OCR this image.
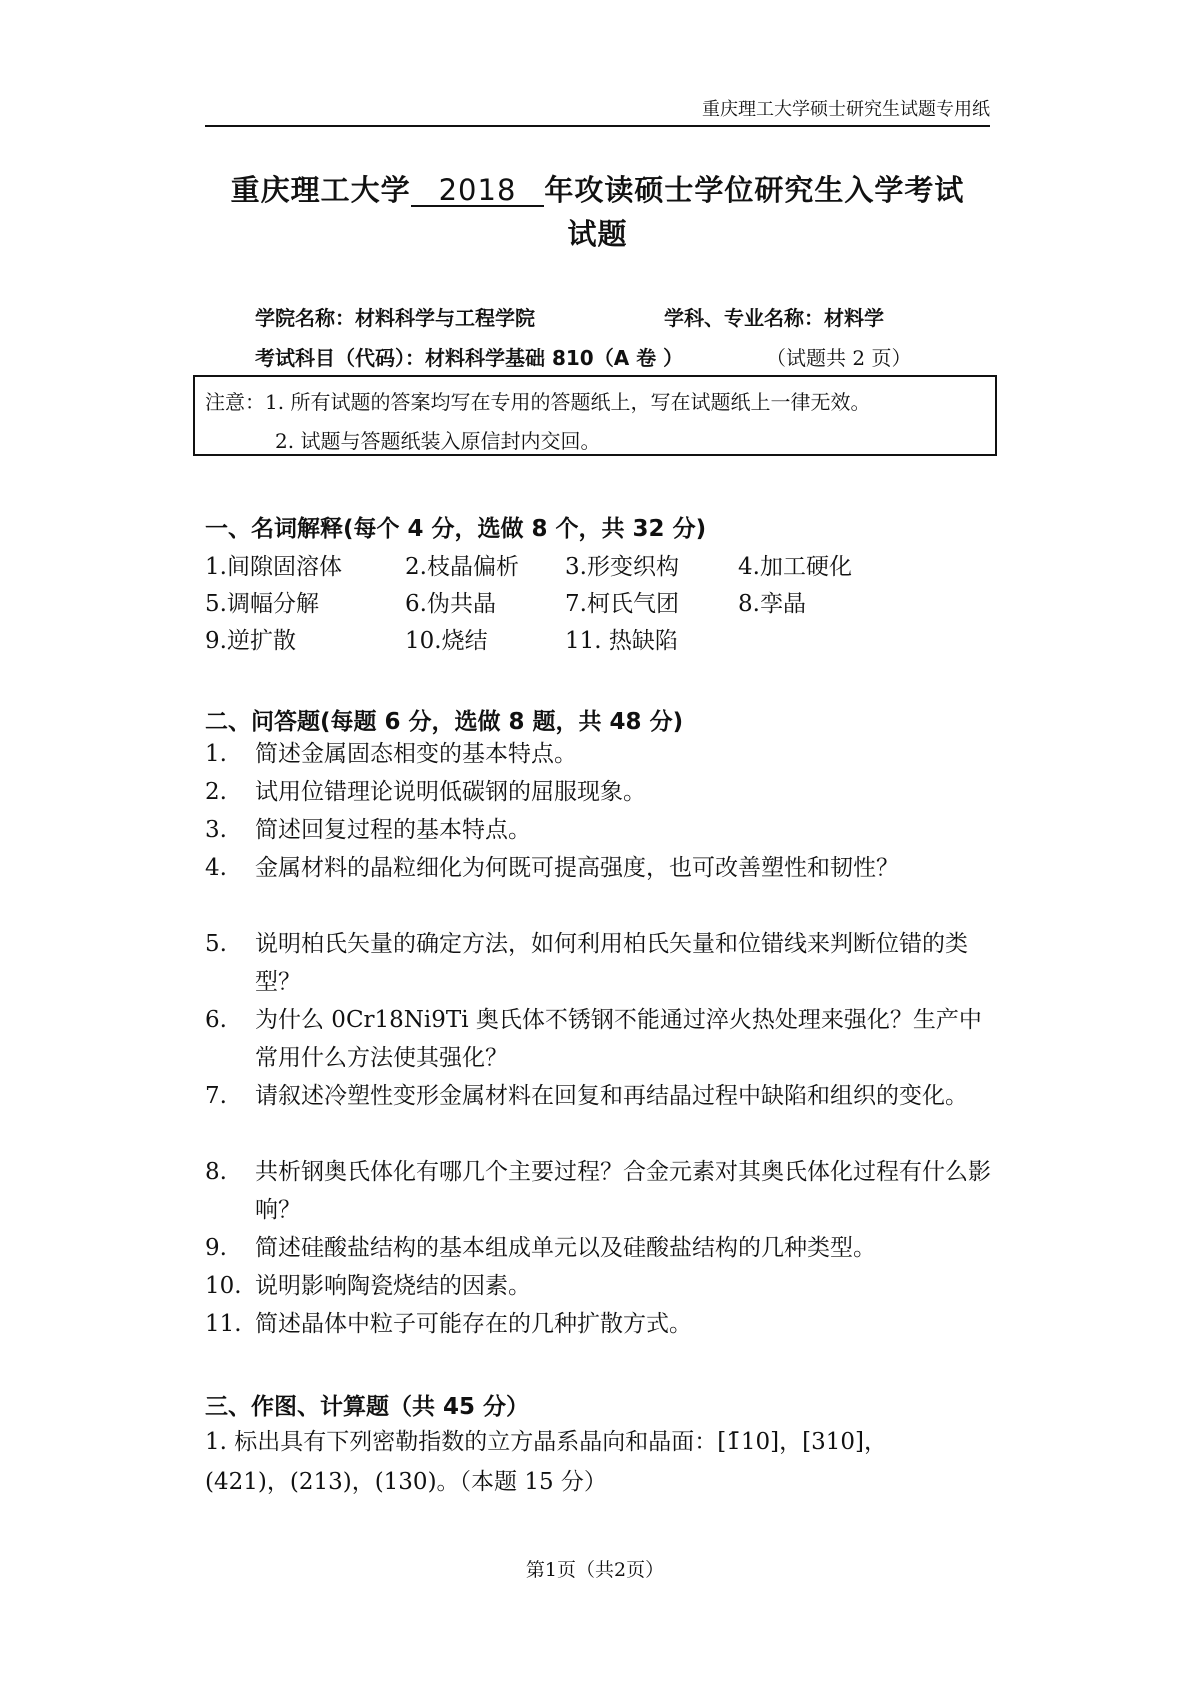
重庆理工大学硕士研究生试题专用纸
重庆理工大学 2018 年攻读硕士学位研究生入学考试
试题
学院名称：材料科学与工程学院	学科、专业名称：材料学
考试科目（代码）：材料科学基础 810（A 卷 ）	（试题共 2 页）
注意：1. 所有试题的答案均写在专用的答题纸上，写在试题纸上一律无效。
2. 试题与答题纸装入原信封内交回。
一、名词解释(每个 4 分，选做 8 个，共 32 分)
1.间隙固溶体	2.枝晶偏析 3.形变织构	4.加工硬化
5.调幅分解	6.伪共晶	7.柯氏气团	8.孪晶
9.逆扩散	10.烧结	11. 热缺陷
二、问答题(每题 6 分，选做 8 题，共 48 分)
1. 简述金属固态相变的基本特点。
2. 试用位错理论说明低碳钢的屈服现象。
3. 简述回复过程的基本特点。
4. 金属材料的晶粒细化为何既可提高强度，也可改善塑性和韧性？
5. 说明柏氏矢量的确定方法，如何利用柏氏矢量和位错线来判断位错的类型？
6. 为什么 0Cr18Ni9Ti 奥氏体不锈钢不能通过淬火热处理来强化？生产中常用什么方法使其强化？
7. 请叙述冷塑性变形金属材料在回复和再结晶过程中缺陷和组织的变化。
8. 共析钢奥氏体化有哪几个主要过程？合金元素对其奥氏体化过程有什么影响？
9. 简述硅酸盐结构的基本组成单元以及硅酸盐结构的几种类型。
10. 说明影响陶瓷烧结的因素。
11. 简述晶体中粒子可能存在的几种扩散方式。
三、作图、计算题（共 45 分）
1. 标出具有下列密勒指数的立方晶系晶向和晶面：[1̄10]，[310]，
(421)，(213)，(130)。（本题 15 分）
第1页（共2页）
